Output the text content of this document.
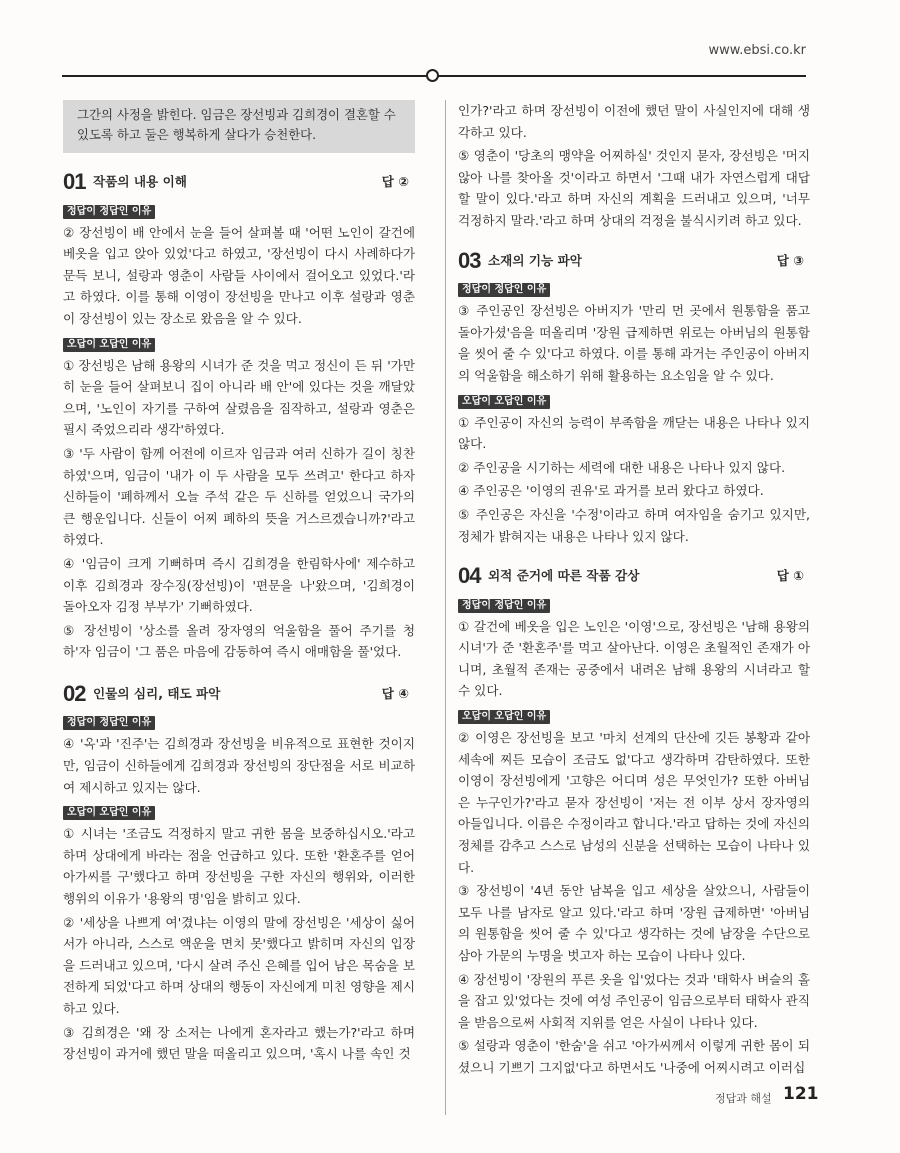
www.ebsi.co.kr
그간의 사정을 밝힌다. 임금은 장선빙과 김희경이 결혼할 수 있도록 하고 둘은 행복하게 살다가 승천한다.
01 작품의 내용 이해	답 ②
정답이 정답인 이유

② 장선빙이 배 안에서 눈을 들어 살펴볼 때 '어떤 노인이 갈건에 베옷을 입고 앉아 있었'다고 하였고, '장선빙이 다시 사례하다가 문득 보니, 설랑과 영춘이 사람들 사이에서 걸어오고 있었다.'라고 하였다. 이를 통해 이영이 장선빙을 만나고 이후 설랑과 영춘이 장선빙이 있는 장소로 왔음을 알 수 있다.

오답이 오답인 이유

① 장선빙은 남해 용왕의 시녀가 준 것을 먹고 정신이 든 뒤 '가만히 눈을 들어 살펴보니 집이 아니라 배 안'에 있다는 것을 깨달았으며, '노인이 자기를 구하여 살렸음을 짐작하고, 설랑과 영춘은 필시 죽었으리라 생각'하였다.

③ '두 사람이 함께 어전에 이르자 임금과 여러 신하가 길이 칭찬하였'으며, 임금이 '내가 이 두 사람을 모두 쓰려고' 한다고 하자 신하들이 '폐하께서 오늘 주석 같은 두 신하를 얻었으니 국가의 큰 행운입니다. 신들이 어찌 폐하의 뜻을 거스르겠습니까?'라고 하였다.

④ '임금이 크게 기뻐하며 즉시 김희경을 한림학사에' 제수하고 이후 김희경과 장수징(장선빙)이 '편문을 나'왔으며, '김희경이 돌아오자 김정 부부가' 기뻐하였다.

⑤ 장선빙이 '상소를 올려 장자영의 억울함을 풀어 주기를 청하'자 임금이 '그 품은 마음에 감동하여 즉시 애매함을 풀'었다.

02 인물의 심리, 태도 파악	답 ④
정답이 정답인 이유

④ '옥'과 '진주'는 김희경과 장선빙을 비유적으로 표현한 것이지만, 임금이 신하들에게 김희경과 장선빙의 장단점을 서로 비교하여 제시하고 있지는 않다.

오답이 오답인 이유

① 시녀는 '조금도 걱정하지 말고 귀한 몸을 보중하십시오.'라고 하며 상대에게 바라는 점을 언급하고 있다. 또한 '환혼주를 얻어 아가씨를 구'했다고 하며 장선빙을 구한 자신의 행위와, 이러한 행위의 이유가 '용왕의 명'임을 밝히고 있다.

② '세상을 나쁘게 여'겼냐는 이영의 말에 장선빙은 '세상이 싫어서가 아니라, 스스로 액운을 면치 못'했다고 밝히며 자신의 입장을 드러내고 있으며, '다시 살려 주신 은혜를 입어 남은 목숨을 보전하게 되었'다고 하며 상대의 행동이 자신에게 미친 영향을 제시하고 있다.

③ 김희경은 '왜 장 소저는 나에게 혼자라고 했는가?'라고 하며 장선빙이 과거에 했던 말을 떠올리고 있으며, '혹시 나를 속인 것

인가?'라고 하며 장선빙이 이전에 했던 말이 사실인지에 대해 생각하고 있다.

⑤ 영춘이 '당초의 맹약을 어찌하실' 것인지 묻자, 장선빙은 '머지않아 나를 찾아올 것'이라고 하면서 '그때 내가 자연스럽게 대답할 말이 있다.'라고 하며 자신의 계획을 드러내고 있으며, '너무 걱정하지 말라.'라고 하며 상대의 걱정을 불식시키려 하고 있다.

03 소재의 기능 파악	답 ③
정답이 정답인 이유

③ 주인공인 장선빙은 아버지가 '만리 먼 곳에서 원통함을 품고 돌아가셨'음을 떠올리며 '장원 급제하면 위로는 아버님의 원통함을 씻어 줄 수 있'다고 하였다. 이를 통해 과거는 주인공이 아버지의 억울함을 해소하기 위해 활용하는 요소임을 알 수 있다.

오답이 오답인 이유

① 주인공이 자신의 능력이 부족함을 깨닫는 내용은 나타나 있지 않다.

② 주인공을 시기하는 세력에 대한 내용은 나타나 있지 않다.

④ 주인공은 '이영의 권유'로 과거를 보러 왔다고 하였다.

⑤ 주인공은 자신을 '수정'이라고 하며 여자임을 숨기고 있지만, 정체가 밝혀지는 내용은 나타나 있지 않다.

04 외적 준거에 따른 작품 감상	답 ①
정답이 정답인 이유

① 갈건에 베옷을 입은 노인은 '이영'으로, 장선빙은 '남해 용왕의 시녀'가 준 '환혼주'를 먹고 살아난다. 이영은 초월적인 존재가 아니며, 초월적 존재는 공중에서 내려온 남해 용왕의 시녀라고 할 수 있다.

오답이 오답인 이유

② 이영은 장선빙을 보고 '마치 선계의 단산에 깃든 봉황과 같아 세속에 찌든 모습이 조금도 없'다고 생각하며 감탄하였다. 또한 이영이 장선빙에게 '고향은 어디며 성은 무엇인가? 또한 아버님은 누구인가?'라고 묻자 장선빙이 '저는 전 이부 상서 장자영의 아들입니다. 이름은 수정이라고 합니다.'라고 답하는 것에 자신의 정체를 감추고 스스로 남성의 신분을 선택하는 모습이 나타나 있다.

③ 장선빙이 '4년 동안 남복을 입고 세상을 살았으니, 사람들이 모두 나를 남자로 알고 있다.'라고 하며 '장원 급제하면' '아버님의 원통함을 씻어 줄 수 있'다고 생각하는 것에 남장을 수단으로 삼아 가문의 누명을 벗고자 하는 모습이 나타나 있다.

④ 장선빙이 '장원의 푸른 옷을 입'었다는 것과 '태학사 벼슬의 홀을 잡고 있'었다는 것에 여성 주인공이 임금으로부터 태학사 관직을 받음으로써 사회적 지위를 얻은 사실이 나타나 있다.

⑤ 설랑과 영춘이 '한숨'을 쉬고 '아가씨께서 이렇게 귀한 몸이 되셨으니 기쁘기 그지없'다고 하면서도 '나중에 어찌시려고 이러십

정답과 해설 121
